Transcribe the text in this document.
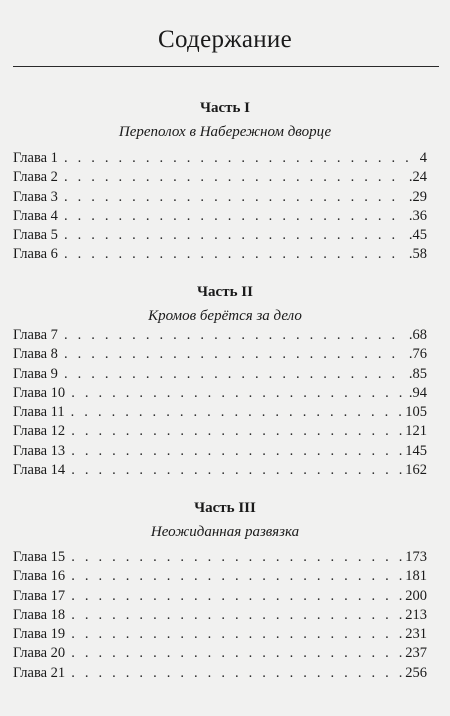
Содержание
Часть I
Переполох в Набережном дворце
Глава 1 . . .	4
Глава 2 . . .	.24
Глава 3 . . .	.29
Глава 4 . . .	.36
Глава 5 . . .	.45
Глава 6 . . .	.58
Часть II
Кромов берётся за дело
Глава 7 . . .	.68
Глава 8 . . .	.76
Глава 9 . . .	.85
Глава 10 . . .	.94
Глава 11 . . .	105
Глава 12 . . .	121
Глава 13 . . .	145
Глава 14 . . .	162
Часть III
Неожиданная развязка
Глава 15 . . .	173
Глава 16 . . .	181
Глава 17 . . .	200
Глава 18 . . .	213
Глава 19 . . .	231
Глава 20 . . .	237
Глава 21 . . .	256
